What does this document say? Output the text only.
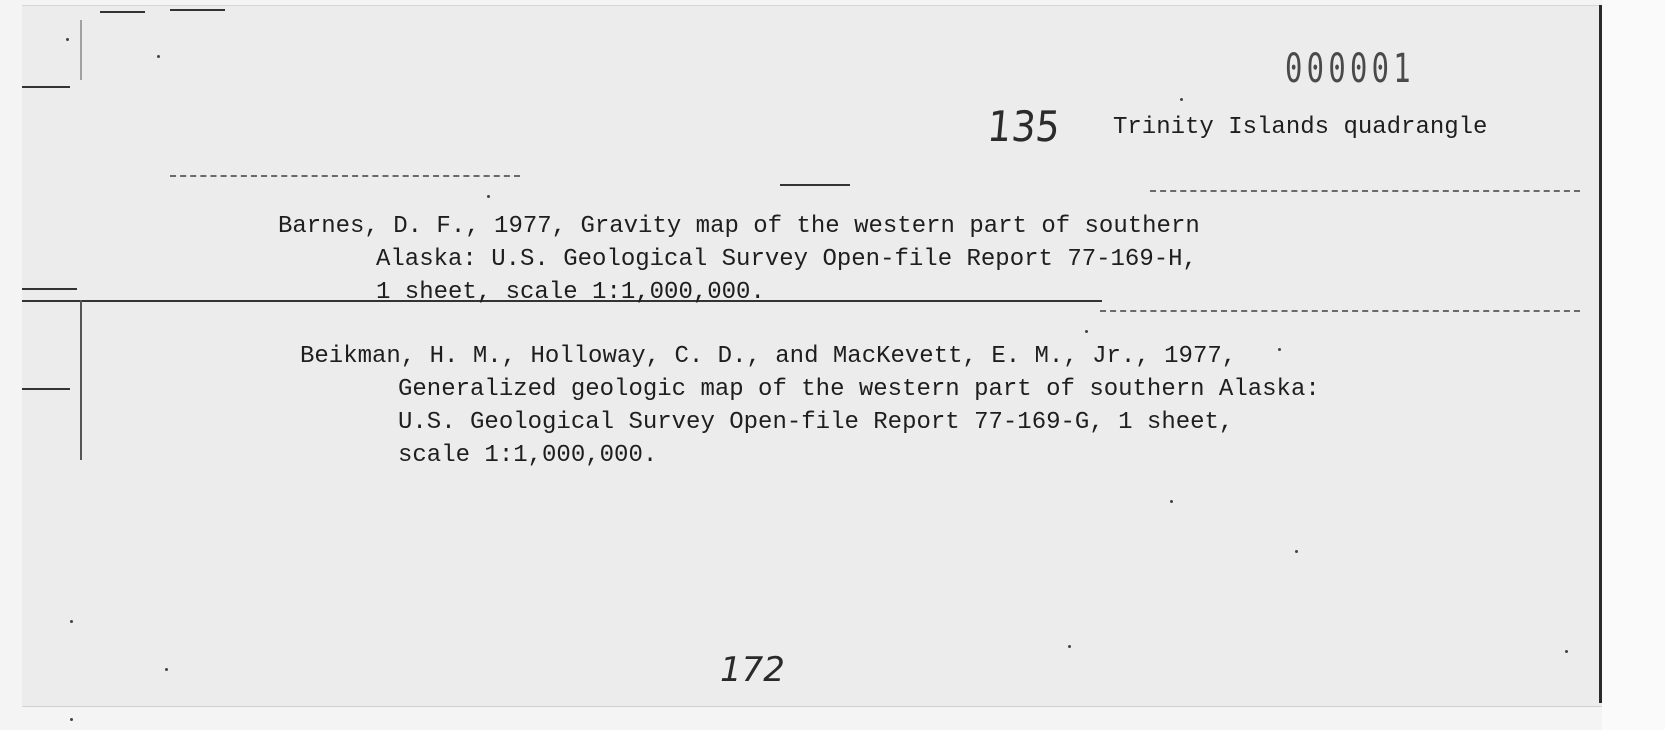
000001
135 Trinity Islands quadrangle
Barnes, D. F., 1977, Gravity map of the western part of southern
Alaska: U.S. Geological Survey Open-file Report 77-169-H,
1 sheet, scale 1:1,000,000.
Beikman, H. M., Holloway, C. D., and MacKevett, E. M., Jr., 1977,
Generalized geologic map of the western part of southern Alaska:
U.S. Geological Survey Open-file Report 77-169-G, 1 sheet,
scale 1:1,000,000.
172
